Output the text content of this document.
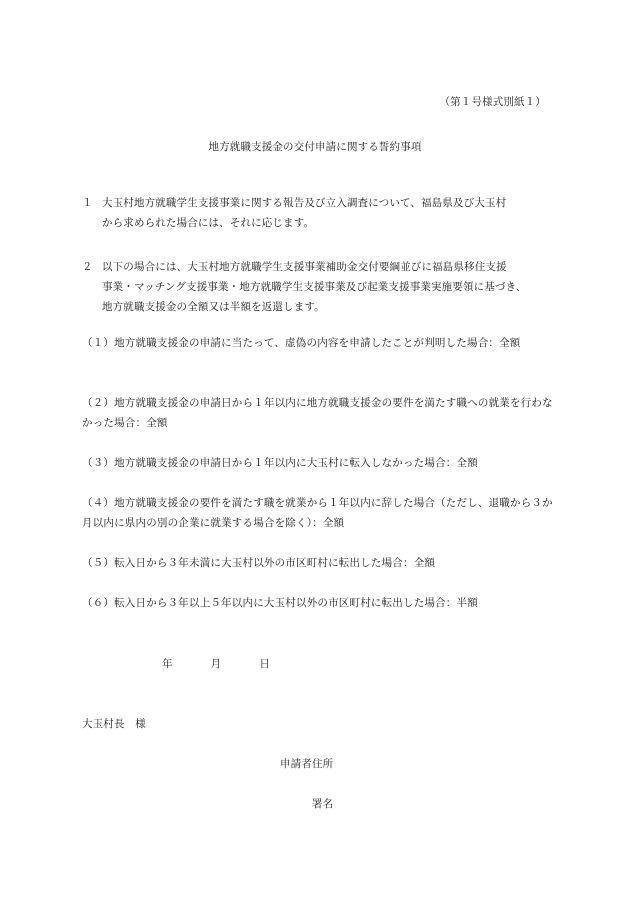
（第１号様式別紙１）
地方就職支援金の交付申請に関する誓約事項
１ 大玉村地方就職学生支援事業に関する報告及び立入調査について、福島県及び大玉村
から求められた場合には、それに応じます。
２ 以下の場合には、大玉村地方就職学生支援事業補助金交付要綱並びに福島県移住支援
事業・マッチング支援事業・地方就職学生支援事業及び起業支援事業実施要領に基づき、
地方就職支援金の全額又は半額を返還します。
（１）地方就職支援金の申請に当たって、虚偽の内容を申請したことが判明した場合：全額
（２）地方就職支援金の申請日から１年以内に地方就職支援金の要件を満たす職への就業を行わなかった場合：全額
（３）地方就職支援金の申請日から１年以内に大玉村に転入しなかった場合：全額
（４）地方就職支援金の要件を満たす職を就業から１年以内に辞した場合（ただし、退職から３か月以内に県内の別の企業に就業する場合を除く）：全額
（５）転入日から３年未満に大玉村以外の市区町村に転出した場合：全額
（６）転入日から３年以上５年以内に大玉村以外の市区町村に転出した場合：半額
年	月	日
大玉村長　様
申請者住所
署名
